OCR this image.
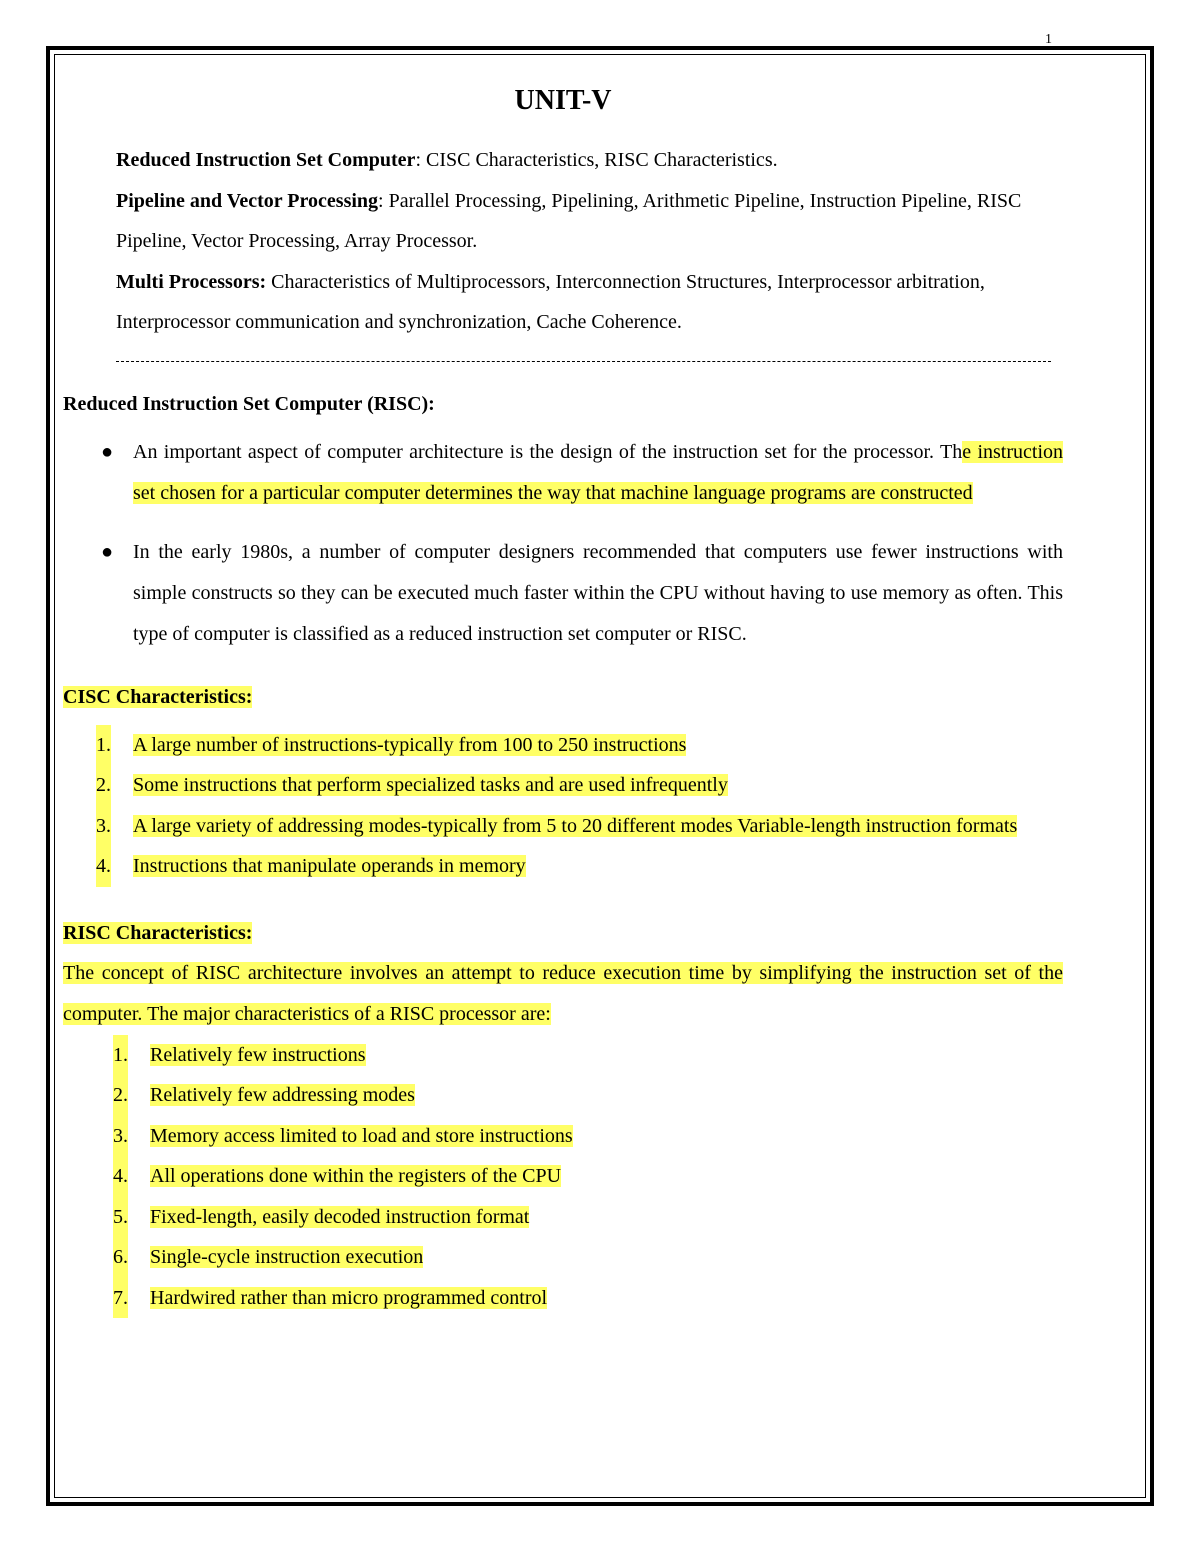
1
UNIT-V

Reduced Instruction Set Computer: CISC Characteristics, RISC Characteristics.

Pipeline and Vector Processing: Parallel Processing, Pipelining, Arithmetic Pipeline, Instruction Pipeline, RISC Pipeline, Vector Processing, Array Processor.

Multi Processors: Characteristics of Multiprocessors, Interconnection Structures, Interprocessor arbitration, Interprocessor communication and synchronization, Cache Coherence.

Reduced Instruction Set Computer (RISC):
● An important aspect of computer architecture is the design of the instruction set for the processor. The instruction set chosen for a particular computer determines the way that machine language programs are constructed
● In the early 1980s, a number of computer designers recommended that computers use fewer instructions with simple constructs so they can be executed much faster within the CPU without having to use memory as often. This type of computer is classified as a reduced instruction set computer or RISC.
CISC Characteristics:
1. A large number of instructions-typically from 100 to 250 instructions
2. Some instructions that perform specialized tasks and are used infrequently
3. A large variety of addressing modes-typically from 5 to 20 different modes Variable-length instruction formats
4. Instructions that manipulate operands in memory
RISC Characteristics:

The concept of RISC architecture involves an attempt to reduce execution time by simplifying the instruction set of the computer. The major characteristics of a RISC processor are:

1. Relatively few instructions
2. Relatively few addressing modes
3. Memory access limited to load and store instructions
4. All operations done within the registers of the CPU
5. Fixed-length, easily decoded instruction format
6. Single-cycle instruction execution
7. Hardwired rather than micro programmed control
